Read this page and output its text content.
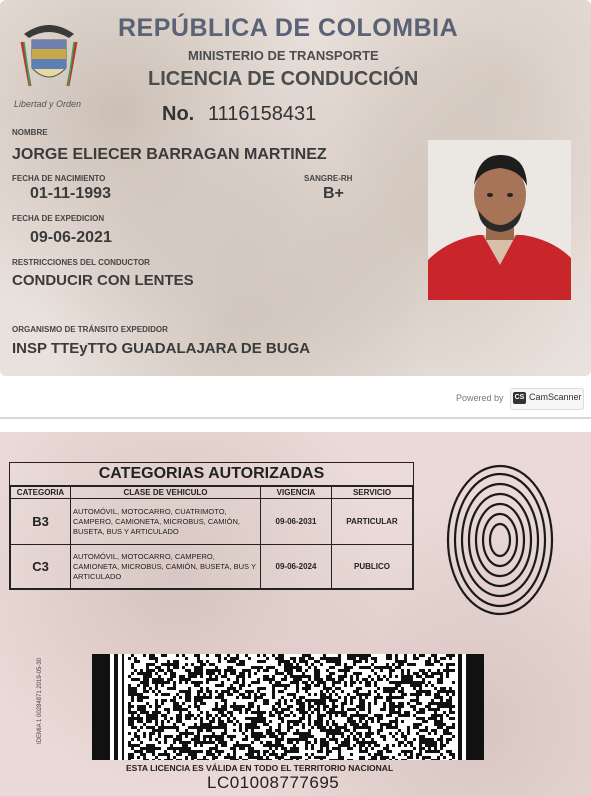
Libertad y Orden
REPÚBLICA DE COLOMBIA
MINISTERIO DE TRANSPORTE
LICENCIA DE CONDUCCIÓN
No. 1116158431
NOMBRE
JORGE ELIECER BARRAGAN MARTINEZ
FECHA DE NACIMIENTO
01-11-1993
SANGRE-RH
B+
FECHA DE EXPEDICION
09-06-2021
RESTRICCIONES DEL CONDUCTOR
CONDUCIR CON LENTES
ORGANISMO DE TRÁNSITO EXPEDIDOR
INSP TTEyTTO GUADALAJARA DE BUGA
Powered by CS CamScanner
CATEGORIAS AUTORIZADAS
CATEGORIA	CLASE DE VEHICULO	VIGENCIA	SERVICIO
B3	AUTOMÓVIL, MOTOCARRO, CUATRIMOTO, CAMPERO, CAMIONETA, MICROBUS, CAMIÓN, BUSETA, BUS Y ARTICULADO	09-06-2031	PARTICULAR
C3	AUTOMÓVIL, MOTOCARRO, CAMPERO, CAMIONETA, MICROBUS, CAMIÓN, BUSETA, BUS Y ARTICULADO	09-06-2024	PUBLICO
IDEMIA 1 00284871 2019-05-30
ESTA LICENCIA ES VÁLIDA EN TODO EL TERRITORIO NACIONAL
LC01008777695
